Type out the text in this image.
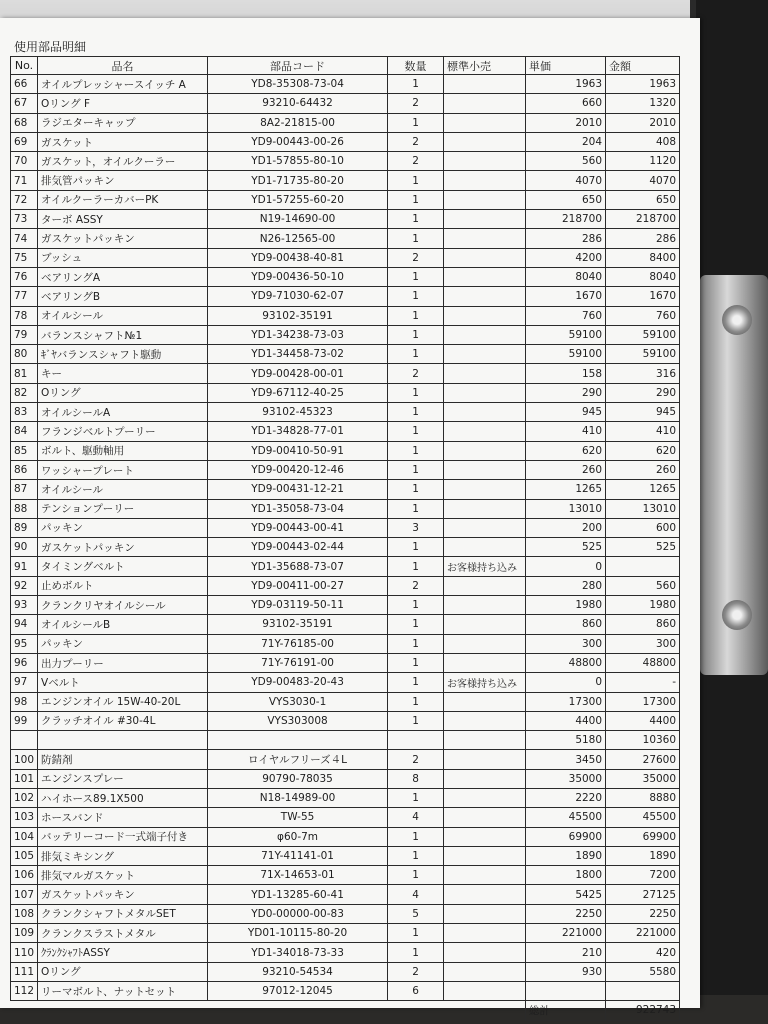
使用部品明細
No.	品名	部品コード	数量	標準小売	単価	金額
66	オイルプレッシャースイッチ A	YD8-35308-73-04	1		1963	1963
67	Oリング F	93210-64432	2		660	1320
68	ラジエターキャップ	8A2-21815-00	1		2010	2010
69	ガスケット	YD9-00443-00-26	2		204	408
70	ガスケット，オイルクーラー	YD1-57855-80-10	2		560	1120
71	排気管パッキン	YD1-71735-80-20	1		4070	4070
72	オイルクーラーカバーPK	YD1-57255-60-20	1		650	650
73	ターボ ASSY	N19-14690-00	1		218700	218700
74	ガスケットパッキン	N26-12565-00	1		286	286
75	ブッシュ	YD9-00438-40-81	2		4200	8400
76	ベアリングA	YD9-00436-50-10	1		8040	8040
77	ベアリングB	YD9-71030-62-07	1		1670	1670
78	オイルシール	93102-35191	1		760	760
79	バランスシャフト№1	YD1-34238-73-03	1		59100	59100
80	ｷﾞﾔバランスシャフト駆動	YD1-34458-73-02	1		59100	59100
81	キー	YD9-00428-00-01	2		158	316
82	Oリング	YD9-67112-40-25	1		290	290
83	オイルシールA	93102-45323	1		945	945
84	フランジベルトプーリー	YD1-34828-77-01	1		410	410
85	ボルト、駆動軸用	YD9-00410-50-91	1		620	620
86	ワッシャープレート	YD9-00420-12-46	1		260	260
87	オイルシール	YD9-00431-12-21	1		1265	1265
88	テンションプーリー	YD1-35058-73-04	1		13010	13010
89	パッキン	YD9-00443-00-41	3		200	600
90	ガスケットパッキン	YD9-00443-02-44	1		525	525
91	タイミングベルト	YD1-35688-73-07	1	お客様持ち込み	0	
92	止めボルト	YD9-00411-00-27	2		280	560
93	クランクリヤオイルシール	YD9-03119-50-11	1		1980	1980
94	オイルシールB	93102-35191	1		860	860
95	パッキン	71Y-76185-00	1		300	300
96	出力プーリー	71Y-76191-00	1		48800	48800
97	Vベルト	YD9-00483-20-43	1	お客様持ち込み	0	-
98	エンジンオイル 15W-40-20L	VYS3030-1	1		17300	17300
99	クラッチオイル #30-4L	VYS303008	1		4400	4400
					5180	10360
100	防錆剤	ロイヤルフリーズ４L	2		3450	27600
101	エンジンスプレー	90790-78035	8		35000	35000
102	ハイホース89.1X500	N18-14989-00	1		2220	8880
103	ホースバンド	TW-55	4		45500	45500
104	バッテリーコード一式端子付き	φ60-7m	1		69900	69900
105	排気ミキシング	71Y-41141-01	1		1890	1890
106	排気マルガスケット	71X-14653-01	1		1800	7200
107	ガスケットパッキン	YD1-13285-60-41	4		5425	27125
108	クランクシャフトメタルSET	YD0-00000-00-83	5		2250	2250
109	クランクスラストメタル	YD01-10115-80-20	1		221000	221000
110	ｸﾗﾝｸｼｬﾌﾄASSY	YD1-34018-73-33	1		210	420
111	Oリング	93210-54534	2		930	5580
112	リーマボルト、ナットセット	97012-12045	6			
					総計	922743
